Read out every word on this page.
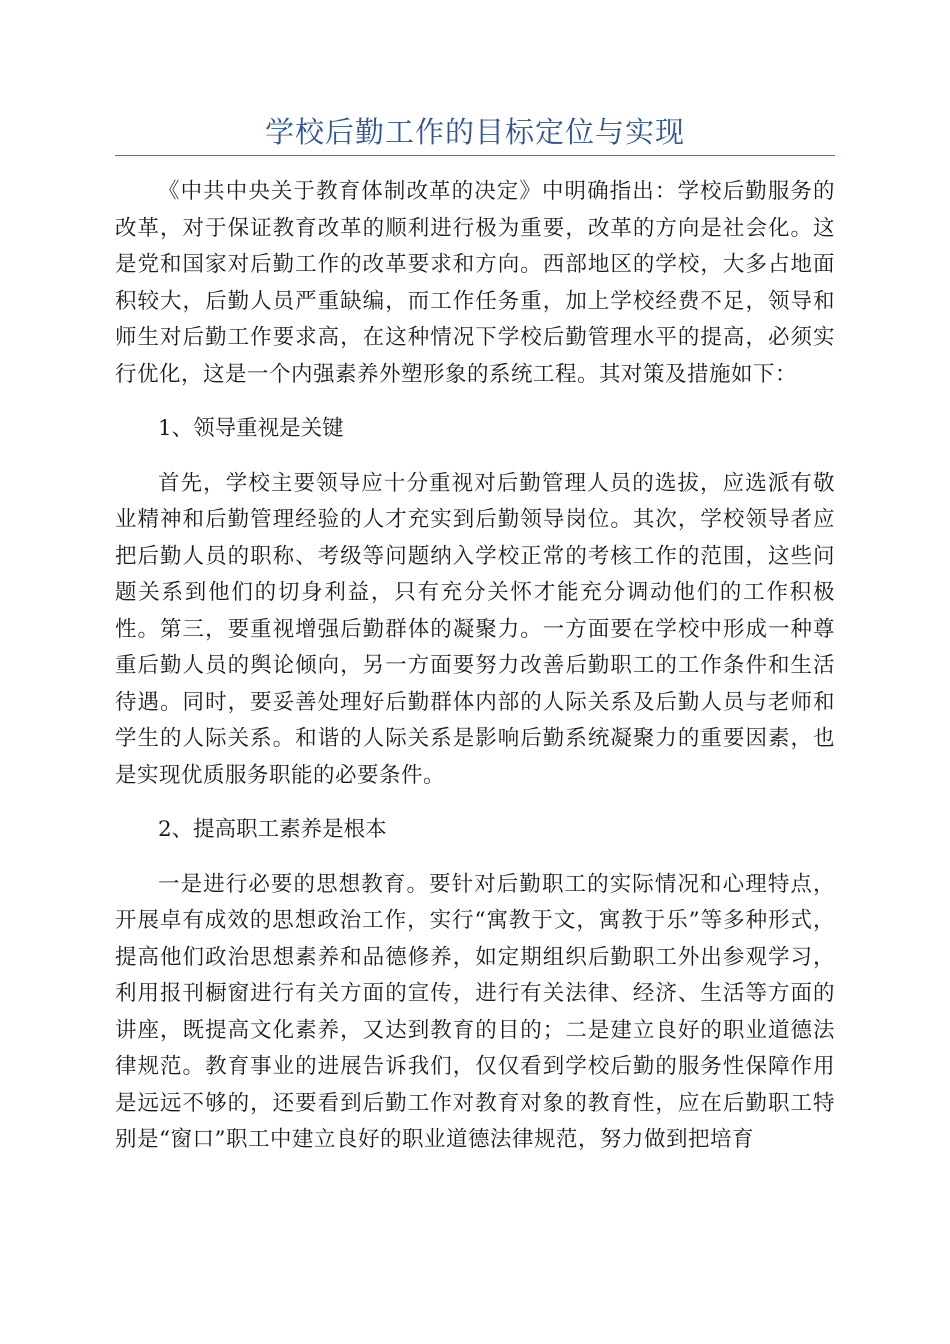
学校后勤工作的目标定位与实现

《中共中央关于教育体制改革的决定》中明确指出：学校后勤服务的改革，对于保证教育改革的顺利进行极为重要，改革的方向是社会化。这是党和国家对后勤工作的改革要求和方向。西部地区的学校，大多占地面积较大，后勤人员严重缺编，而工作任务重，加上学校经费不足，领导和师生对后勤工作要求高，在这种情况下学校后勤管理水平的提高，必须实行优化，这是一个内强素养外塑形象的系统工程。其对策及措施如下：

1、领导重视是关键

首先，学校主要领导应十分重视对后勤管理人员的选拔，应选派有敬业精神和后勤管理经验的人才充实到后勤领导岗位。其次，学校领导者应把后勤人员的职称、考级等问题纳入学校正常的考核工作的范围，这些问题关系到他们的切身利益，只有充分关怀才能充分调动他们的工作积极性。第三，要重视增强后勤群体的凝聚力。一方面要在学校中形成一种尊重后勤人员的舆论倾向，另一方面要努力改善后勤职工的工作条件和生活待遇。同时，要妥善处理好后勤群体内部的人际关系及后勤人员与老师和学生的人际关系。和谐的人际关系是影响后勤系统凝聚力的重要因素，也是实现优质服务职能的必要条件。

2、提高职工素养是根本

一是进行必要的思想教育。要针对后勤职工的实际情况和心理特点，开展卓有成效的思想政治工作，实行“寓教于文，寓教于乐”等多种形式，提高他们政治思想素养和品德修养，如定期组织后勤职工外出参观学习，利用报刊橱窗进行有关方面的宣传，进行有关法律、经济、生活等方面的讲座，既提高文化素养，又达到教育的目的；二是建立良好的职业道德法律规范。教育事业的进展告诉我们，仅仅看到学校后勤的服务性保障作用是远远不够的，还要看到后勤工作对教育对象的教育性，应在后勤职工特别是“窗口”职工中建立良好的职业道德法律规范，努力做到把培育
